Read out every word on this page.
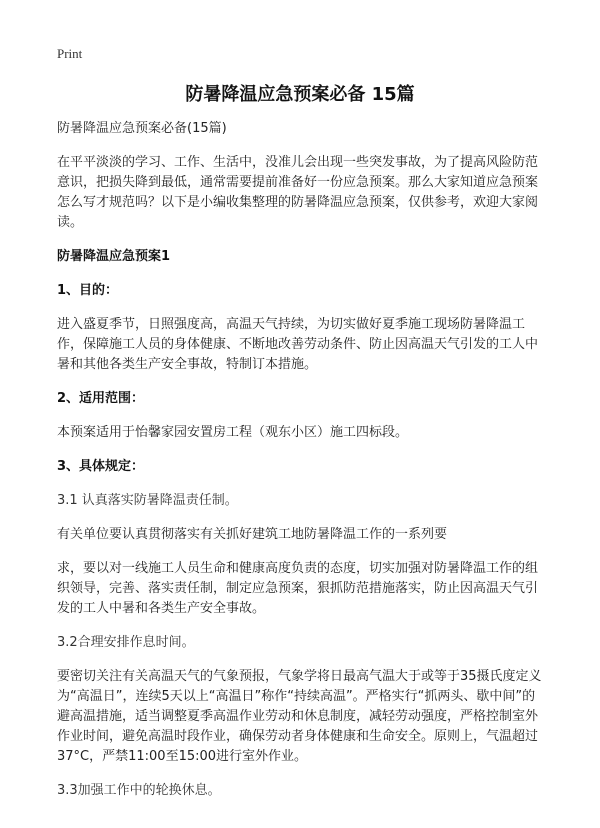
Print
防暑降温应急预案必备 15篇

防暑降温应急预案必备(15篇)

在平平淡淡的学习、工作、生活中，没准儿会出现一些突发事故，为了提高风险防范意识，把损失降到最低，通常需要提前准备好一份应急预案。那么大家知道应急预案怎么写才规范吗？以下是小编收集整理的防暑降温应急预案，仅供参考，欢迎大家阅读。

防暑降温应急预案1
1、目的：

进入盛夏季节，日照强度高，高温天气持续，为切实做好夏季施工现场防暑降温工作，保障施工人员的身体健康、不断地改善劳动条件、防止因高温天气引发的工人中暑和其他各类生产安全事故，特制订本措施。

2、适用范围：

本预案适用于怡馨家园安置房工程（观东小区）施工四标段。

3、具体规定：

3.1 认真落实防暑降温责任制。

有关单位要认真贯彻落实有关抓好建筑工地防暑降温工作的一系列要

求，要以对一线施工人员生命和健康高度负责的态度，切实加强对防暑降温工作的组织领导，完善、落实责任制，制定应急预案，狠抓防范措施落实，防止因高温天气引发的工人中暑和各类生产安全事故。

3.2合理安排作息时间。

要密切关注有关高温天气的气象预报，气象学将日最高气温大于或等于35摄氏度定义为“高温日”，连续5天以上“高温日”称作“持续高温”。严格实行“抓两头、歇中间”的避高温措施，适当调整夏季高温作业劳动和休息制度，减轻劳动强度，严格控制室外作业时间，避免高温时段作业，确保劳动者身体健康和生命安全。原则上，气温超过37°C，严禁11:00至15:00进行室外作业。

3.3加强工作中的轮换休息。
